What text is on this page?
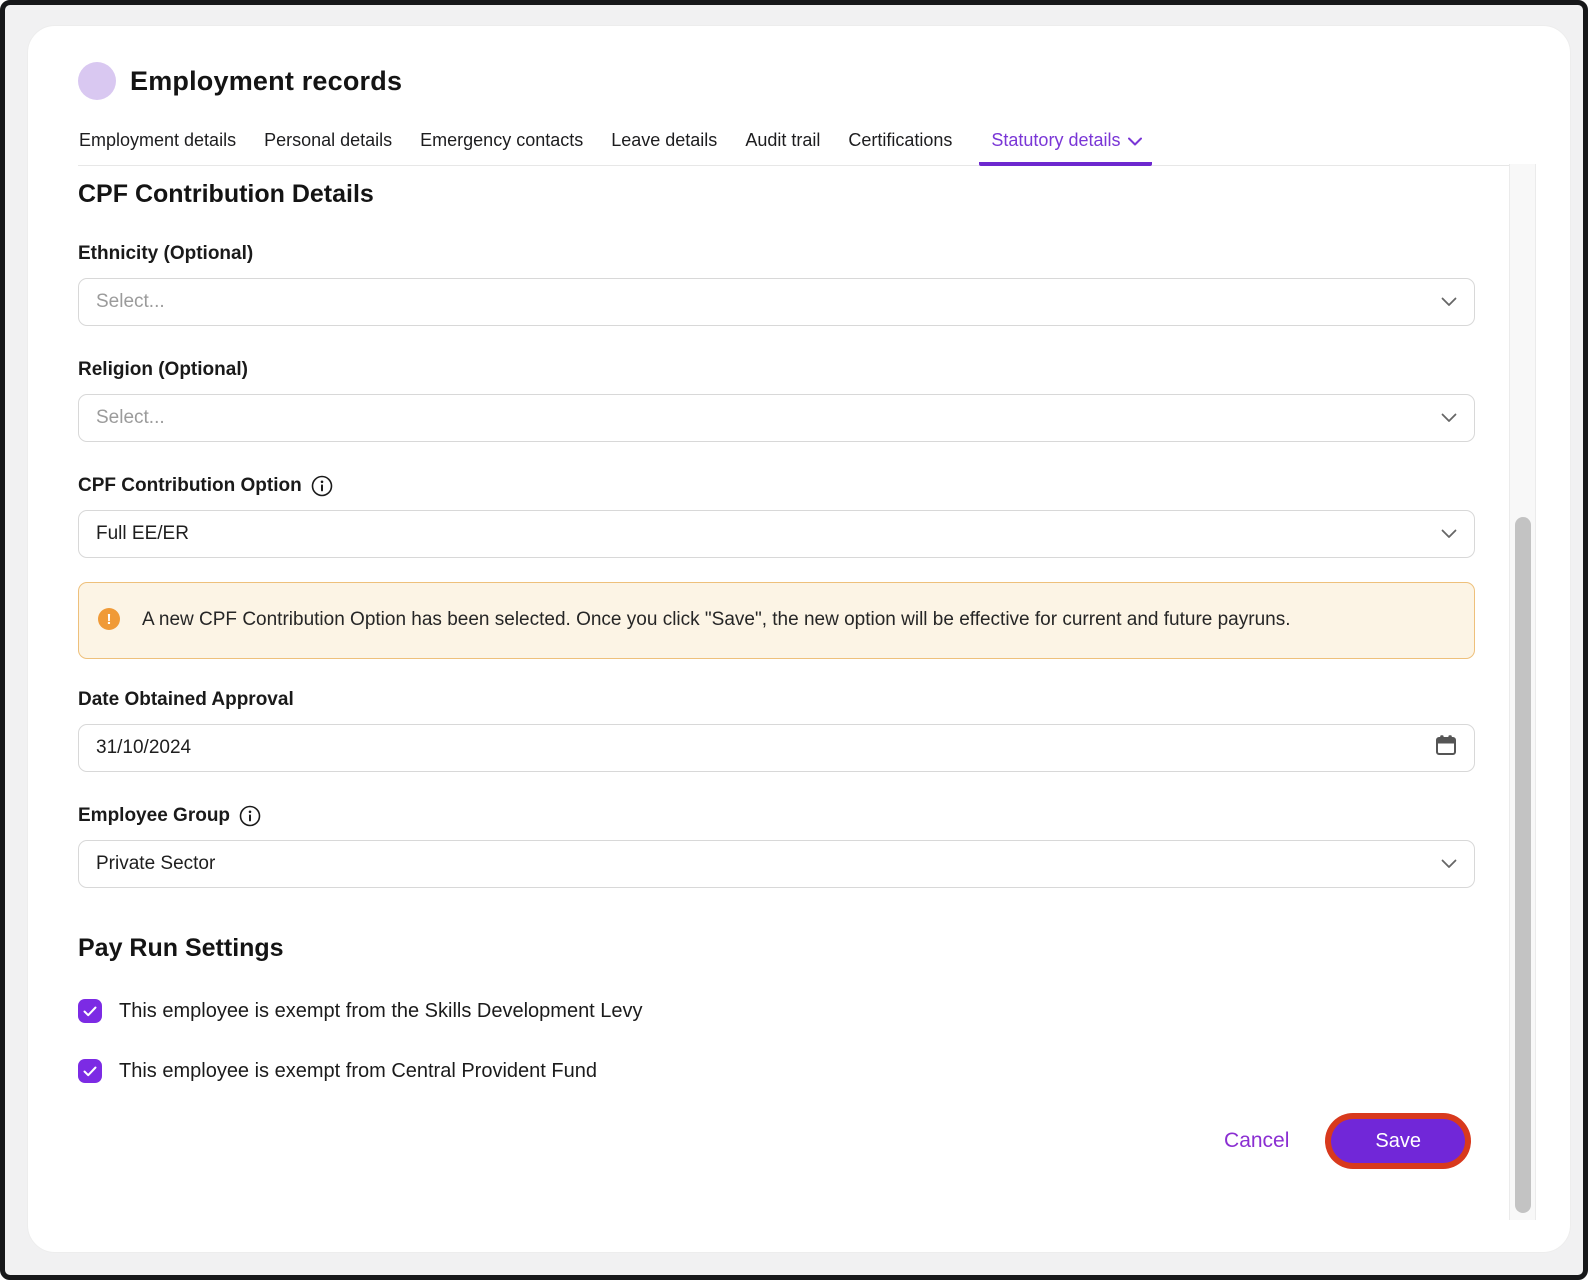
Employment records
Employment details Personal details Emergency contacts Leave details Audit trail Certifications Statutory details
CPF Contribution Details
Ethnicity (Optional)
Select...
Religion (Optional)
Select...
CPF Contribution Option
Full EE/ER
!	A new CPF Contribution Option has been selected. Once you click "Save", the new option will be effective for current and future payruns.
Date Obtained Approval
31/10/2024
Employee Group
Private Sector
Pay Run Settings
This employee is exempt from the Skills Development Levy
This employee is exempt from Central Provident Fund
Cancel	Save
